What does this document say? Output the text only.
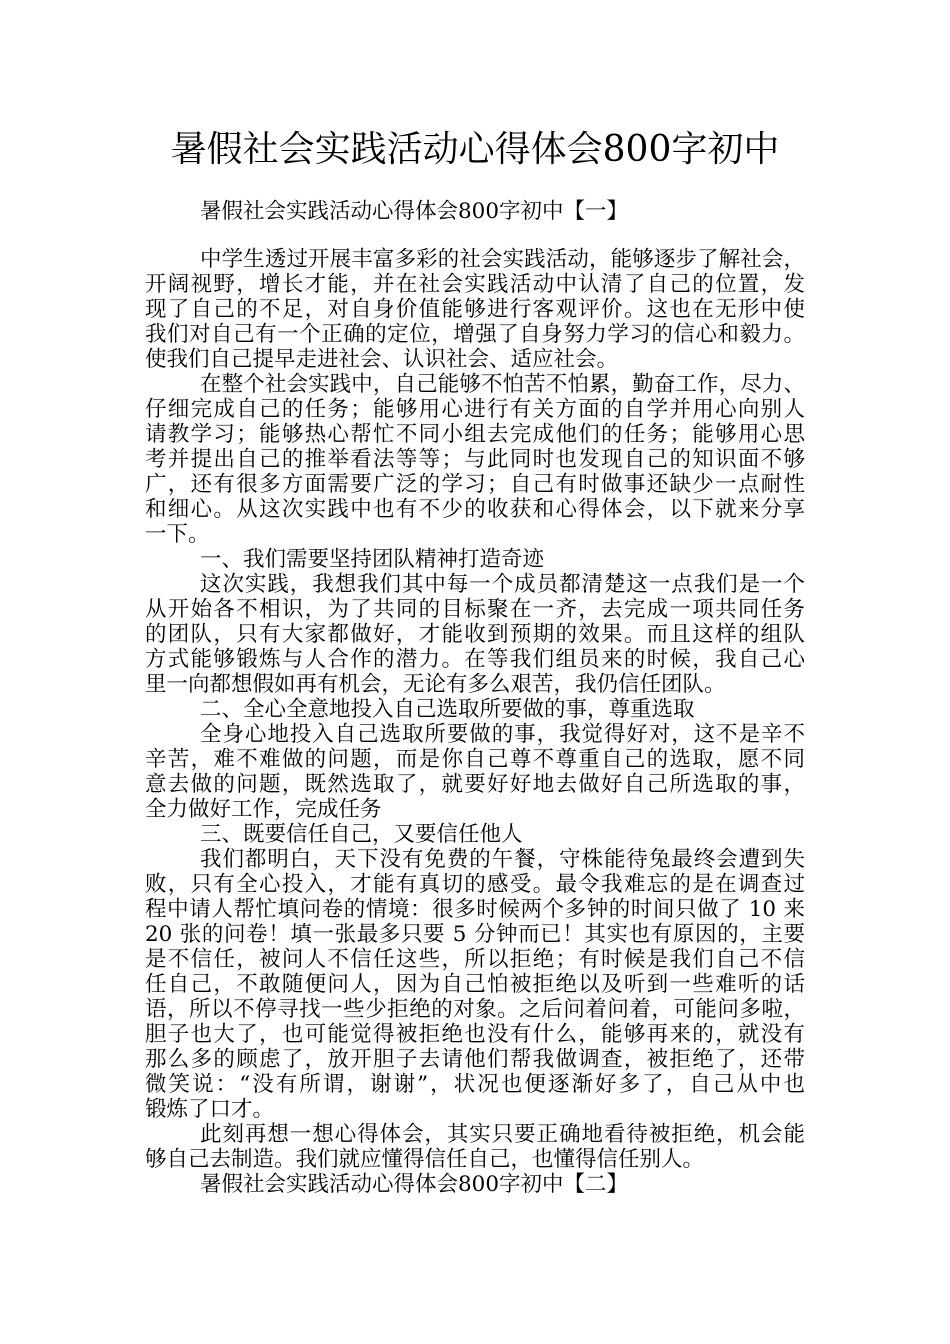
暑假社会实践活动心得体会800字初中
暑假社会实践活动心得体会800字初中【一】
中学生透过开展丰富多彩的社会实践活动，能够逐步了解社会，
开阔视野，增长才能，并在社会实践活动中认清了自己的位置，发
现了自己的不足，对自身价值能够进行客观评价。这也在无形中使
我们对自己有一个正确的定位，增强了自身努力学习的信心和毅力。
使我们自己提早走进社会、认识社会、适应社会。
在整个社会实践中，自己能够不怕苦不怕累，勤奋工作，尽力、
仔细完成自己的任务；能够用心进行有关方面的自学并用心向别人
请教学习；能够热心帮忙不同小组去完成他们的任务；能够用心思
考并提出自己的推举看法等等；与此同时也发现自己的知识面不够
广，还有很多方面需要广泛的学习；自己有时做事还缺少一点耐性
和细心。从这次实践中也有不少的收获和心得体会，以下就来分享
一下。
一、我们需要坚持团队精神打造奇迹
这次实践，我想我们其中每一个成员都清楚这一点我们是一个
从开始各不相识，为了共同的目标聚在一齐，去完成一项共同任务
的团队，只有大家都做好，才能收到预期的效果。而且这样的组队
方式能够锻炼与人合作的潜力。在等我们组员来的时候，我自己心
里一向都想假如再有机会，无论有多么艰苦，我仍信任团队。
二、全心全意地投入自己选取所要做的事，尊重选取
全身心地投入自己选取所要做的事，我觉得好对，这不是辛不
辛苦，难不难做的问题，而是你自己尊不尊重自己的选取，愿不同
意去做的问题，既然选取了，就要好好地去做好自己所选取的事，
全力做好工作，完成任务
三、既要信任自己，又要信任他人
我们都明白，天下没有免费的午餐，守株能待兔最终会遭到失
败，只有全心投入，才能有真切的感受。最令我难忘的是在调查过
程中请人帮忙填问卷的情境：很多时候两个多钟的时间只做了 10 来
20 张的问卷！填一张最多只要 5 分钟而已！其实也有原因的，主要
是不信任，被问人不信任这些，所以拒绝；有时候是我们自己不信
任自己，不敢随便问人，因为自己怕被拒绝以及听到一些难听的话
语，所以不停寻找一些少拒绝的对象。之后问着问着，可能问多啦，
胆子也大了，也可能觉得被拒绝也没有什么，能够再来的，就没有
那么多的顾虑了，放开胆子去请他们帮我做调查，被拒绝了，还带
微笑说：“没有所谓，谢谢”，状况也便逐渐好多了，自己从中也
锻炼了口才。
此刻再想一想心得体会，其实只要正确地看待被拒绝，机会能
够自己去制造。我们就应懂得信任自己，也懂得信任别人。
暑假社会实践活动心得体会800字初中【二】
